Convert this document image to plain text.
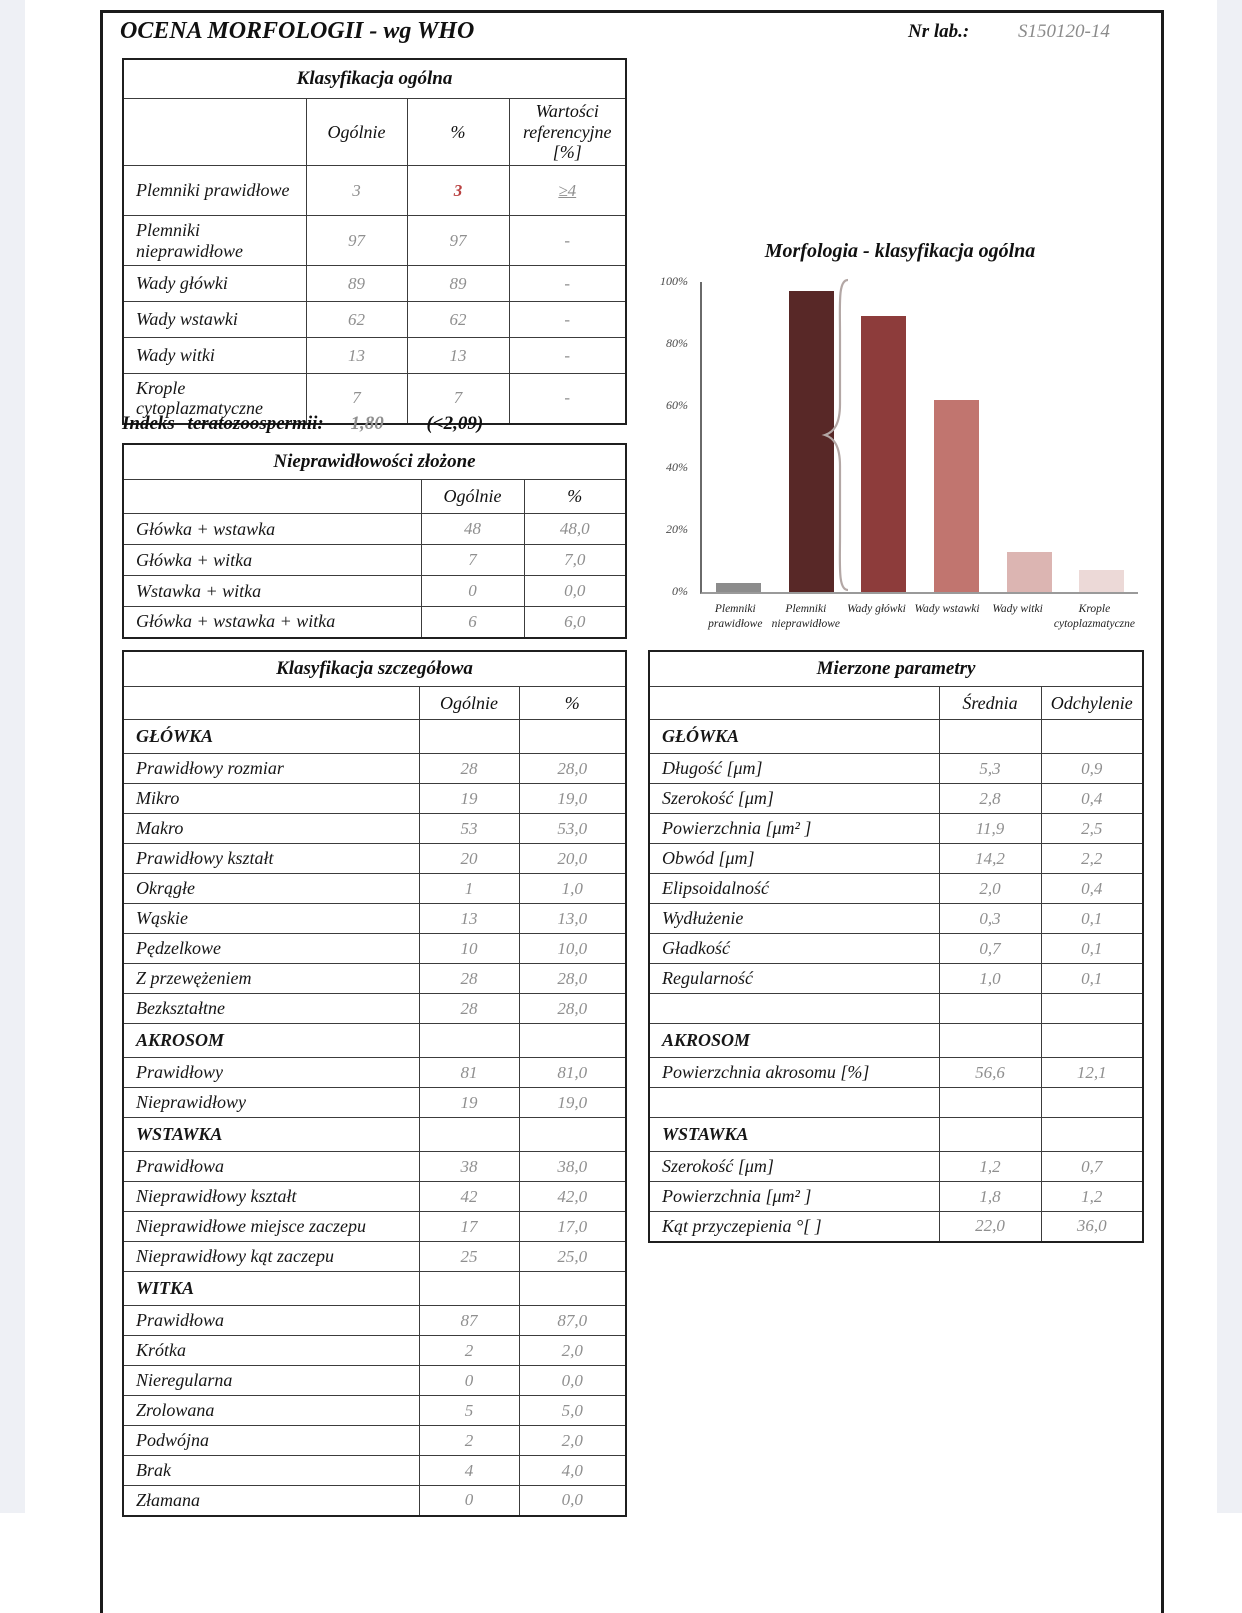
OCENA MORFOLOGII - wg WHO	Nr lab.:	S150120-14
Klasyfikacja ogólna			
	Ogólnie	%	Wartości referencyjne [%]
Plemniki prawidłowe	3	3	≥4
Plemniki nieprawidłowe	97	97	-
Wady główki	89	89	-
Wady wstawki	62	62	-
Wady witki	13	13	-
Krople cytoplazmatyczne	7	7	-
Indeks teratozoospermii: 1,80 (<2,09)
Nieprawidłowości złożone		
	Ogólnie	%
Główka + wstawka	48	48,0
Główka + witka	7	7,0
Wstawka + witka	0	0,0
Główka + wstawka + witka	6	6,0
Morfologia - klasyfikacja ogólna
0%
20%
40%
60%
80%
100%
Plemniki prawidłowe
Plemniki nieprawidłowe
Wady główki Wady wstawki	Wady witki	Krople cytoplazmatyczne
Klasyfikacja szczegółowa		
	Ogólnie	%
GŁÓWKA		
Prawidłowy rozmiar	28	28,0
Mikro	19	19,0
Makro	53	53,0
Prawidłowy kształt	20	20,0
Okrągłe	1	1,0
Wąskie	13	13,0
Pędzelkowe	10	10,0
Z przewężeniem	28	28,0
Bezkształtne	28	28,0
AKROSOM		
Prawidłowy	81	81,0
Nieprawidłowy	19	19,0
WSTAWKA		
Prawidłowa	38	38,0
Nieprawidłowy kształt	42	42,0
Nieprawidłowe miejsce zaczepu	17	17,0
Nieprawidłowy kąt zaczepu	25	25,0
WITKA		
Prawidłowa	87	87,0
Krótka	2	2,0
Nieregularna	0	0,0
Zrolowana	5	5,0
Podwójna	2	2,0
Brak	4	4,0
Złamana	0	0,0
Mierzone parametry		
	Średnia	Odchylenie
GŁÓWKA		
Długość [μm]	5,3	0,9
Szerokość [μm]	2,8	0,4
Powierzchnia [μm² ]	11,9	2,5
Obwód [μm]	14,2	2,2
Elipsoidalność	2,0	0,4
Wydłużenie	0,3	0,1
Gładkość	0,7	0,1
Regularność	1,0	0,1

AKROSOM		
Powierzchnia akrosomu [%]	56,6	12,1

WSTAWKA		
Szerokość [μm]	1,2	0,7
Powierzchnia [μm² ]	1,8	1,2
Kąt przyczepienia °[ ]	22,0	36,0
